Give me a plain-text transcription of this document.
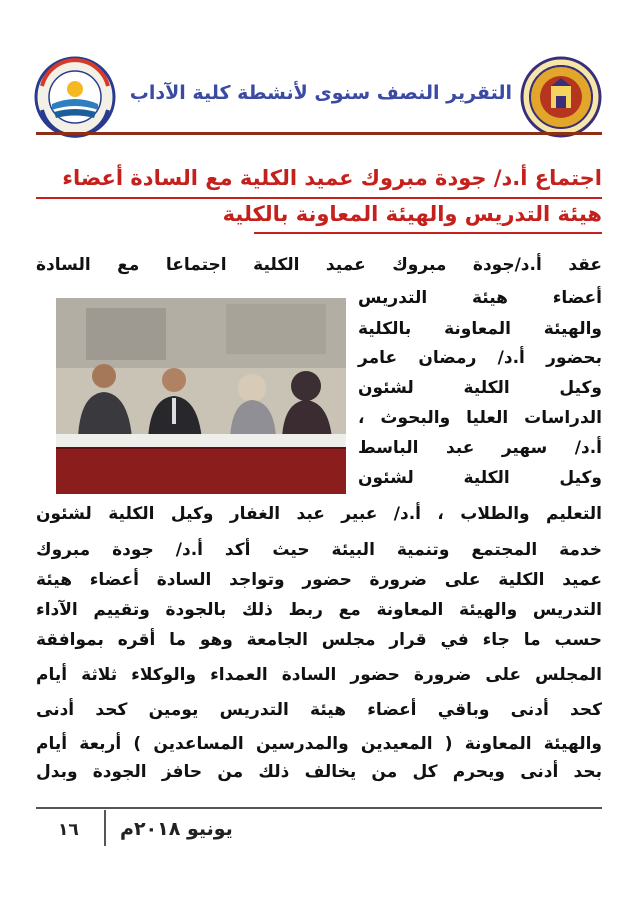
التقرير النصف سنوى لأنشطة كلية الآداب
اجتماع أ.د/ جودة مبروك عميد الكلية مع السادة أعضاء
هيئة التدريس والهيئة المعاونة بالكلية
عقد أ.د/جودة مبروك عميد الكلية اجتماعا مع السادة
أعضاء هيئة التدريس
والهيئة المعاونة بالكلية
بحضور أ.د/ رمضان عامر
وكيل الكلية لشئون
الدراسات العليا والبحوث ،
أ.د/ سهير عبد الباسط
وكيل الكلية لشئون
التعليم والطلاب ، أ.د/ عبير عبد الغفار وكيل الكلية لشئون
خدمة المجتمع وتنمية البيئة حيث أكد أ.د/ جودة مبروك
عميد الكلية على ضرورة حضور وتواجد السادة أعضاء هيئة
التدريس والهيئة المعاونة مع ربط ذلك بالجودة وتقييم الآداء
حسب ما جاء في قرار مجلس الجامعة وهو ما أقره بموافقة
المجلس على ضرورة حضور السادة العمداء والوكلاء ثلاثة أيام
كحد أدنى وباقي أعضاء هيئة التدريس يومين كحد أدنى
والهيئة المعاونة ( المعيدين والمدرسين المساعدين ) أربعة أيام
بحد أدنى ويحرم كل من يخالف ذلك من حافز الجودة وبدل
يونيو ٢٠١٨م
١٦
